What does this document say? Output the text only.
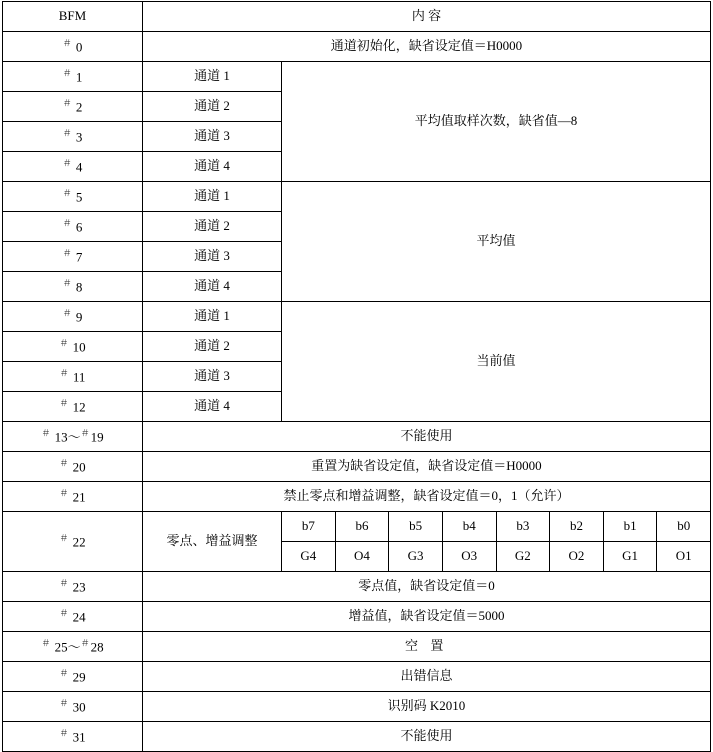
BFM	内 容								
＃ 0	通道初始化，缺省设定值＝H0000								
＃ 1	通道 1	平均值取样次数，缺省值—8							
＃ 2	通道 2								
＃ 3	通道 3								
＃ 4	通道 4								
＃ 5	通道 1	平均值							
＃ 6	通道 2								
＃ 7	通道 3								
＃ 8	通道 4								
＃ 9	通道 1	当前值							
＃ 10	通道 2								
＃ 11	通道 3								
＃ 12	通道 4								
＃ 13～＃19	不能使用								
＃ 20	重置为缺省设定值，缺省设定值＝H0000								
＃ 21	禁止零点和增益调整，缺省设定值＝0，1（允许）								
＃ 22	零点、增益调整	b7	b6	b5	b4	b3	b2	b1	b0
		G4	O4	G3	O3	G2	O2	G1	O1
＃ 23	零点值，缺省设定值＝0								
＃ 24	增益值，缺省设定值＝5000								
＃ 25～＃28	空 置								
＃ 29	出错信息								
＃ 30	识别码 K2010								
＃ 31	不能使用								
